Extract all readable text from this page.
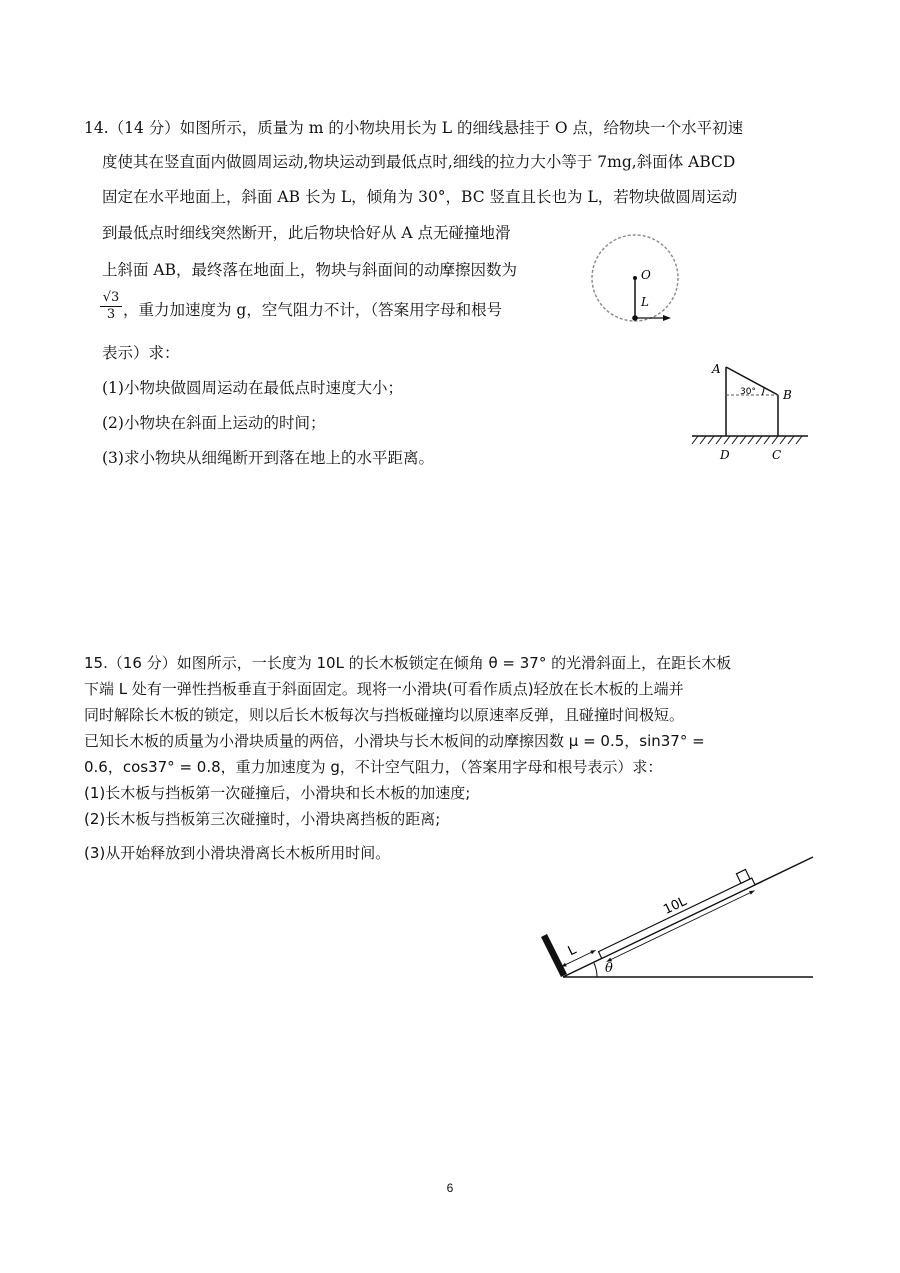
14.（14 分）如图所示，质量为 m 的小物块用长为 L 的细线悬挂于 O 点，给物块一个水平初速
度使其在竖直面内做圆周运动,物块运动到最低点时,细线的拉力大小等于 7mg,斜面体 ABCD
固定在水平地面上，斜面 AB 长为 L，倾角为 30°，BC 竖直且长也为 L，若物块做圆周运动
到最低点时细线突然断开，此后物块恰好从 A 点无碰撞地滑
上斜面 AB，最终落在地面上，物块与斜面间的动摩擦因数为
$\frac{√3}{3}$ ，重力加速度为 g，空气阻力不计，（答案用字母和根号
表示）求：
(1)小物块做圆周运动在最低点时速度大小；
(2)小物块在斜面上运动的时间；
(3)求小物块从细绳断开到落在地上的水平距离。
O
L
A
30° B
D	C
15.（16 分）如图所示，一长度为 10L 的长木板锁定在倾角 θ = 37° 的光滑斜面上，在距长木板
下端 L 处有一弹性挡板垂直于斜面固定。现将一小滑块(可看作质点)轻放在长木板的上端并
同时解除长木板的锁定，则以后长木板每次与挡板碰撞均以原速率反弹，且碰撞时间极短。
已知长木板的质量为小滑块质量的两倍，小滑块与长木板间的动摩擦因数 μ = 0.5，sin37° =
0.6，cos37° = 0.8，重力加速度为 g，不计空气阻力，（答案用字母和根号表示）求：
(1)长木板与挡板第一次碰撞后，小滑块和长木板的加速度;
(2)长木板与挡板第三次碰撞时，小滑块离挡板的距离;
(3)从开始释放到小滑块滑离长木板所用时间。
L
10L
θ
6
